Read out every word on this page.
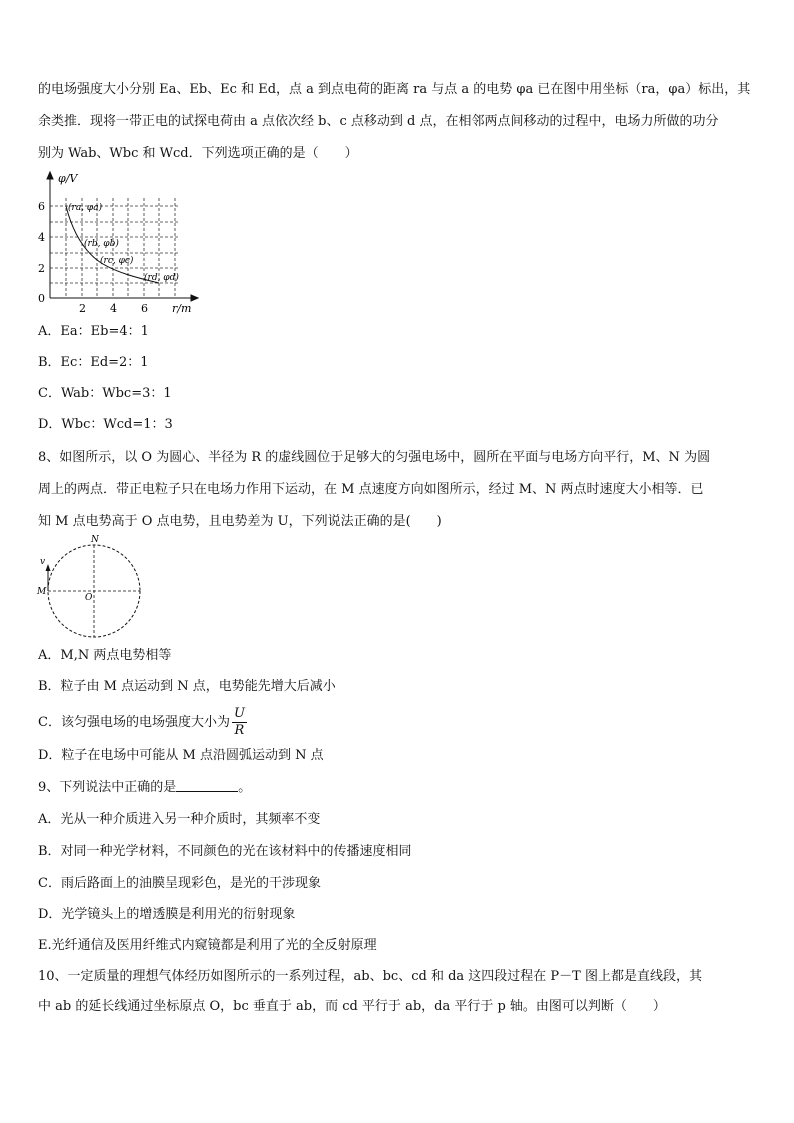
的电场强度大小分别 Ea、Eb、Ec 和 Ed，点 a 到点电荷的距离 ra 与点 a 的电势 φa 已在图中用坐标（ra，φa）标出，其
余类推．现将一带正电的试探电荷由 a 点依次经 b、c 点移动到 d 点，在相邻两点间移动的过程中，电场力所做的功分
别为 Wab、Wbc 和 Wcd．下列选项正确的是（　　）
φ/V
r/m
0
6
4
2
2 4 6
(ra, φa)
(rb, φb)
(rc, φc)
(rd, φd)
A．Ea：Eb=4：1
B．Ec：Ed=2：1
C．Wab：Wbc=3：1
D．Wbc：Wcd=1：3
8、如图所示，以 O 为圆心、半径为 R 的虚线圆位于足够大的匀强电场中，圆所在平面与电场方向平行，M、N 为圆
周上的两点．带正电粒子只在电场力作用下运动，在 M 点速度方向如图所示，经过 M、N 两点时速度大小相等．已
知 M 点电势高于 O 点电势，且电势差为 U，下列说法正确的是(　　)
N
M
O
v
A．M,N 两点电势相等
B．粒子由 M 点运动到 N 点，电势能先增大后减小
C．该匀强电场的电场强度大小为 $\frac{U}{R}$
D．粒子在电场中可能从 M 点沿圆弧运动到 N 点
9、下列说法中正确的是	。
A．光从一种介质进入另一种介质时，其频率不变
B．对同一种光学材料，不同颜色的光在该材料中的传播速度相同
C．雨后路面上的油膜呈现彩色，是光的干涉现象
D．光学镜头上的增透膜是利用光的衍射现象
E.光纤通信及医用纤维式内窥镜都是利用了光的全反射原理
10、一定质量的理想气体经历如图所示的一系列过程，ab、bc、cd 和 da 这四段过程在 P－T 图上都是直线段，其
中 ab 的延长线通过坐标原点 O，bc 垂直于 ab，而 cd 平行于 ab，da 平行于 p 轴。由图可以判断（　　）
